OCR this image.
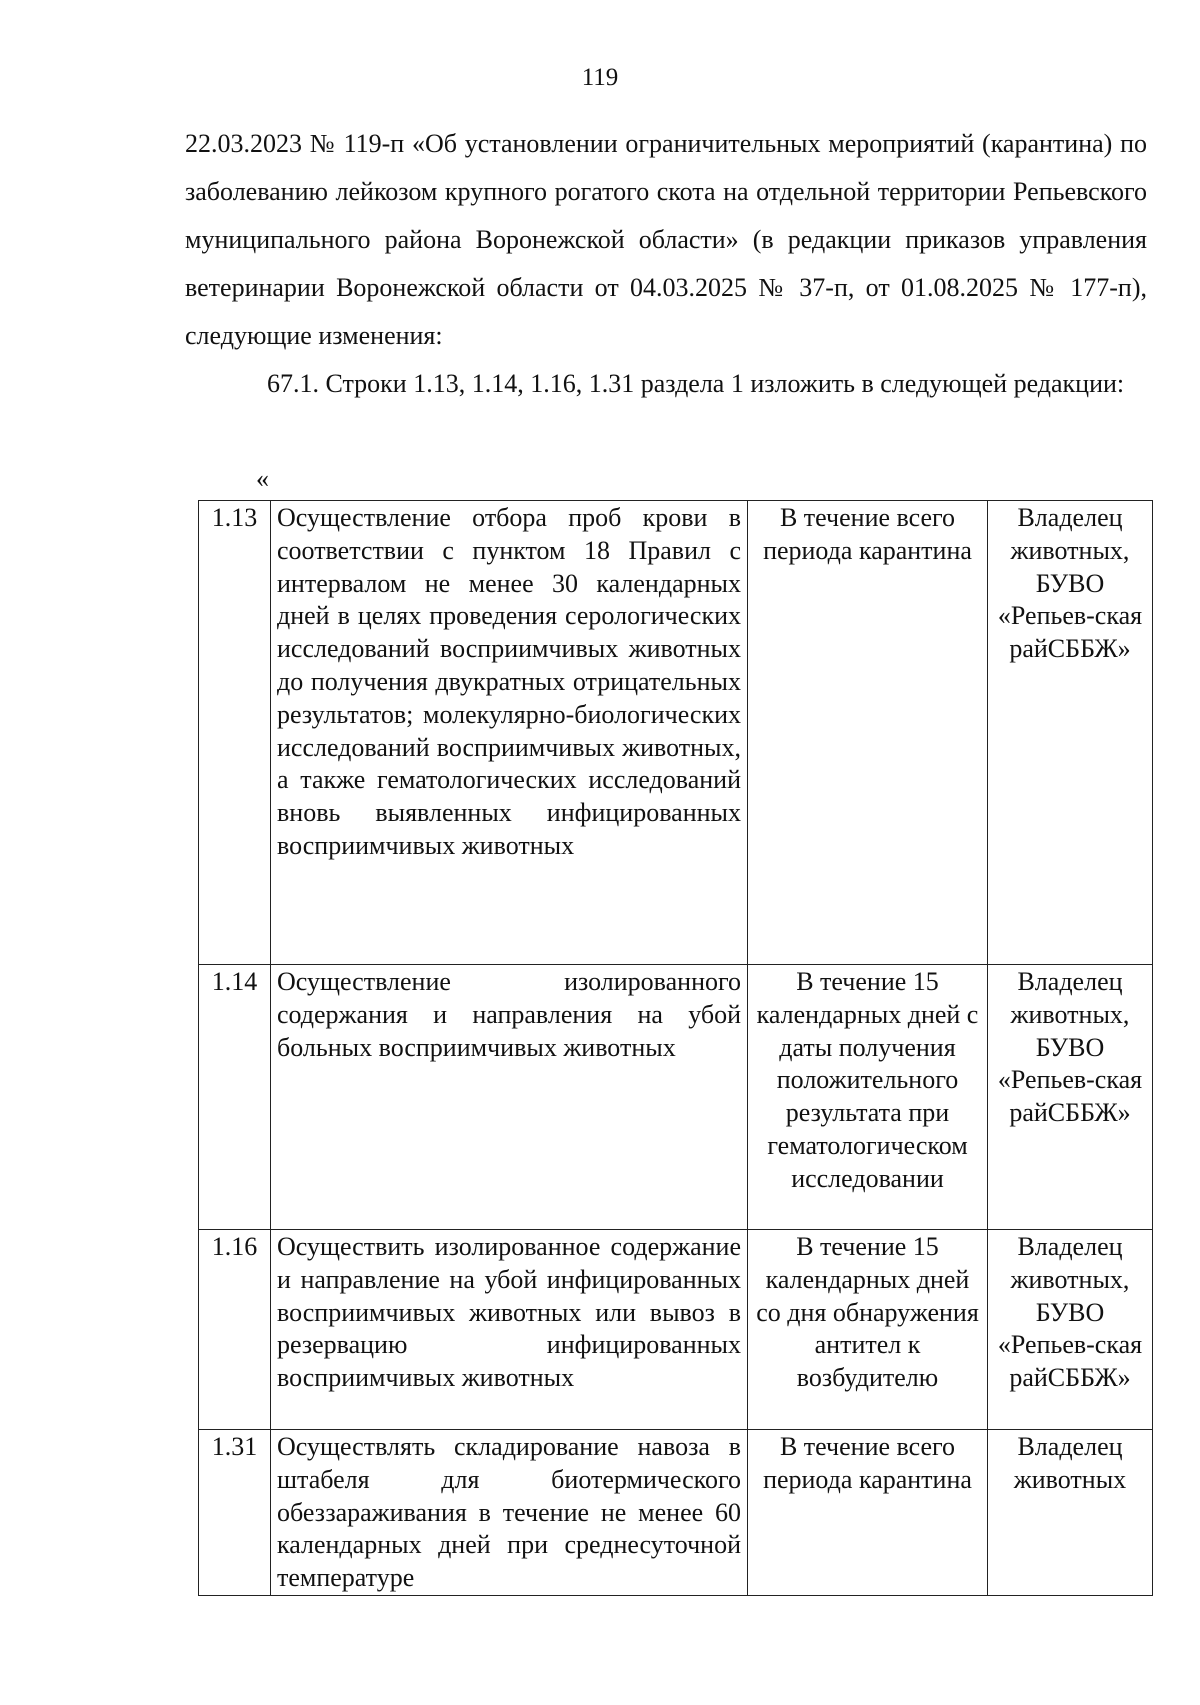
119

22.03.2023 № 119-п «Об установлении ограничительных мероприятий (карантина) по заболеванию лейкозом крупного рогатого скота на отдельной территории Репьевского муниципального района Воронежской области» (в редакции приказов управления ветеринарии Воронежской области от 04.03.2025 № 37-п, от 01.08.2025 № 177-п), следующие изменения:

67.1. Строки 1.13, 1.14, 1.16, 1.31 раздела 1 изложить в следующей редакции:

«
1.13	Осуществление отбора проб крови в соответствии с пунктом 18 Правил с интервалом не менее 30 календарных дней в целях проведения серологических исследований восприимчивых животных до получения двукратных отрицательных результатов; молекулярно-биологических исследований восприимчивых животных, а также гематологических исследований вновь выявленных инфицированных восприимчивых животных	В течение всего периода карантина	Владелец животных, БУВО «Репьев-ская райСББЖ»
1.14	Осуществление изолированного содержания и направления на убой больных восприимчивых животных	В течение 15 календарных дней с даты получения положительного результата при гематологическом исследовании	Владелец животных, БУВО «Репьев-ская райСББЖ»
1.16	Осуществить изолированное содержание и направление на убой инфицированных восприимчивых животных или вывоз в резервацию инфицированных восприимчивых животных	В течение 15 календарных дней со дня обнаружения антител к возбудителю	Владелец животных, БУВО «Репьев-ская райСББЖ»
1.31	Осуществлять складирование навоза в штабеля для биотермического обеззараживания в течение не менее 60 календарных дней при среднесуточной температуре	В течение всего периода карантина	Владелец животных
